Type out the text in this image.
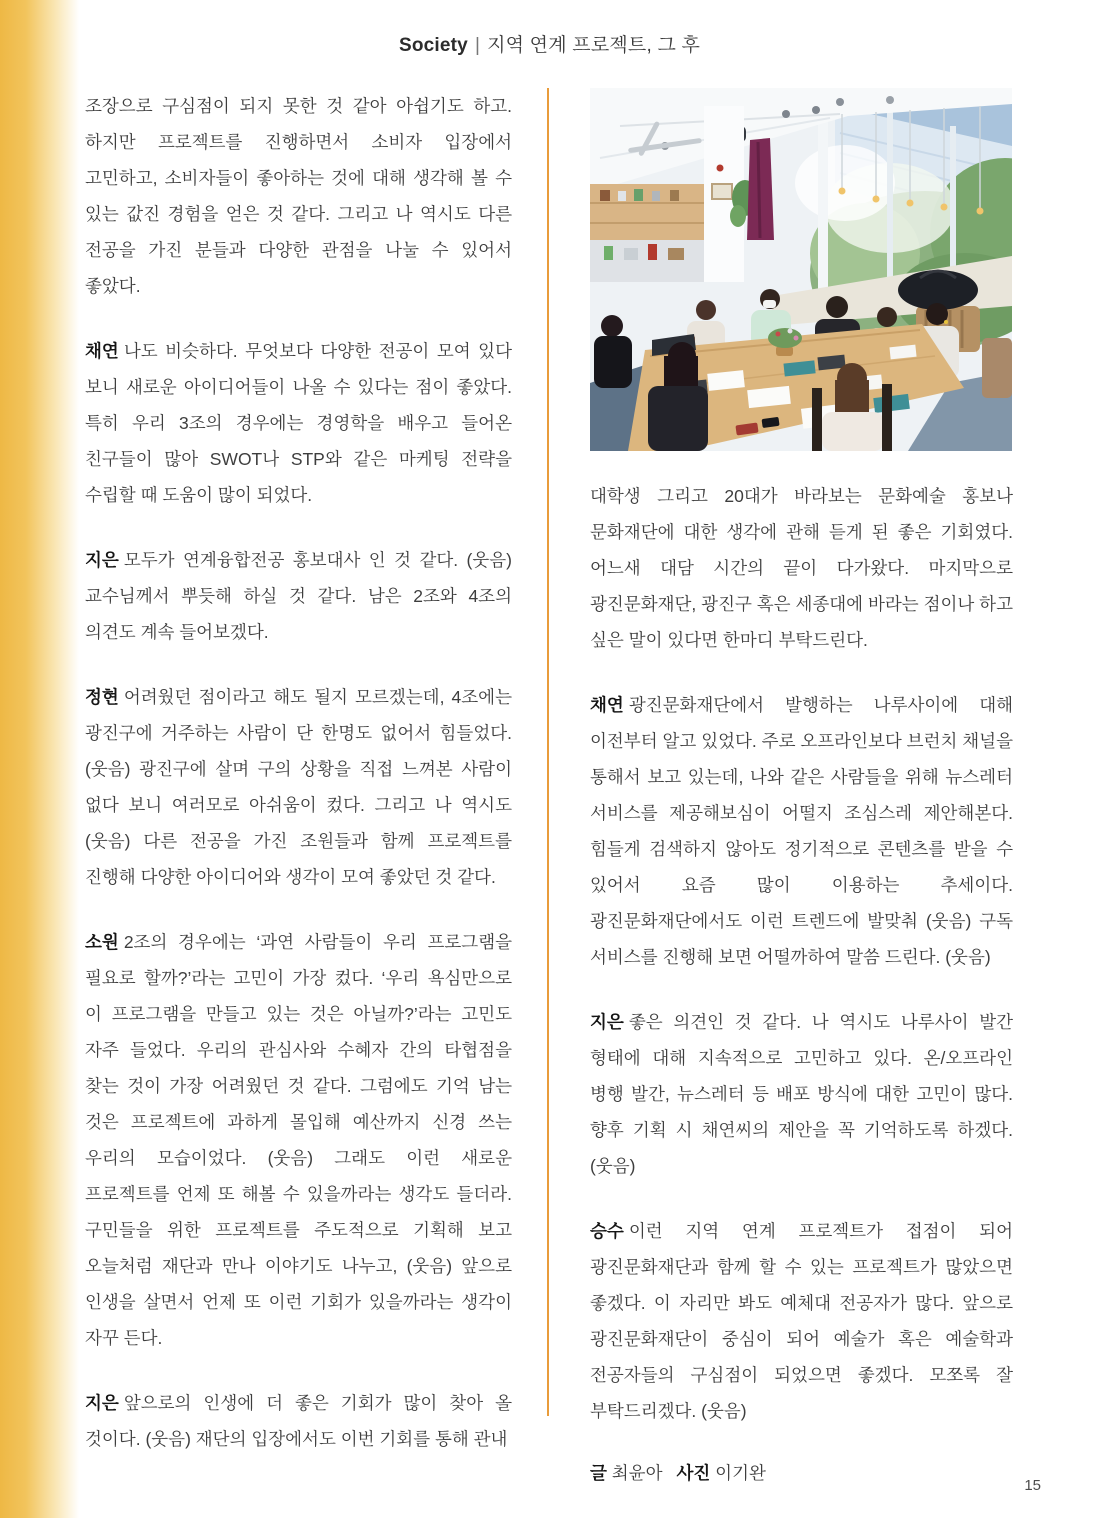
Society | 지역 연계 프로젝트, 그 후

조장으로 구심점이 되지 못한 것 같아 아쉽기도 하고. 하지만 프로젝트를 진행하면서 소비자 입장에서 고민하고, 소비자들이 좋아하는 것에 대해 생각해 볼 수 있는 값진 경험을 얻은 것 같다. 그리고 나 역시도 다른 전공을 가진 분들과 다양한 관점을 나눌 수 있어서 좋았다.

채연 나도 비슷하다. 무엇보다 다양한 전공이 모여 있다 보니 새로운 아이디어들이 나올 수 있다는 점이 좋았다. 특히 우리 3조의 경우에는 경영학을 배우고 들어온 친구들이 많아 SWOT나 STP와 같은 마케팅 전략을 수립할 때 도움이 많이 되었다.

지은 모두가 연계융합전공 홍보대사 인 것 같다. (웃음) 교수님께서 뿌듯해 하실 것 같다. 남은 2조와 4조의 의견도 계속 들어보겠다.

정현 어려웠던 점이라고 해도 될지 모르겠는데, 4조에는 광진구에 거주하는 사람이 단 한명도 없어서 힘들었다. (웃음) 광진구에 살며 구의 상황을 직접 느껴본 사람이 없다 보니 여러모로 아쉬움이 컸다. 그리고 나 역시도 (웃음) 다른 전공을 가진 조원들과 함께 프로젝트를 진행해 다양한 아이디어와 생각이 모여 좋았던 것 같다.

소원 2조의 경우에는 ‘과연 사람들이 우리 프로그램을 필요로 할까?’라는 고민이 가장 컸다. ‘우리 욕심만으로 이 프로그램을 만들고 있는 것은 아닐까?’라는 고민도 자주 들었다. 우리의 관심사와 수혜자 간의 타협점을 찾는 것이 가장 어려웠던 것 같다. 그럼에도 기억 남는 것은 프로젝트에 과하게 몰입해 예산까지 신경 쓰는 우리의 모습이었다. (웃음) 그래도 이런 새로운 프로젝트를 언제 또 해볼 수 있을까라는 생각도 들더라. 구민들을 위한 프로젝트를 주도적으로 기획해 보고 오늘처럼 재단과 만나 이야기도 나누고, (웃음) 앞으로 인생을 살면서 언제 또 이런 기회가 있을까라는 생각이 자꾸 든다.

지은 앞으로의 인생에 더 좋은 기회가 많이 찾아 올 것이다. (웃음) 재단의 입장에서도 이번 기회를 통해 관내

대학생 그리고 20대가 바라보는 문화예술 홍보나 문화재단에 대한 생각에 관해 듣게 된 좋은 기회였다. 어느새 대담 시간의 끝이 다가왔다. 마지막으로 광진문화재단, 광진구 혹은 세종대에 바라는 점이나 하고 싶은 말이 있다면 한마디 부탁드린다.

채연 광진문화재단에서 발행하는 나루사이에 대해 이전부터 알고 있었다. 주로 오프라인보다 브런치 채널을 통해서 보고 있는데, 나와 같은 사람들을 위해 뉴스레터 서비스를 제공해보심이 어떨지 조심스레 제안해본다. 힘들게 검색하지 않아도 정기적으로 콘텐츠를 받을 수 있어서 요즘 많이 이용하는 추세이다. 광진문화재단에서도 이런 트렌드에 발맞춰 (웃음) 구독 서비스를 진행해 보면 어떨까하여 말씀 드린다. (웃음)

지은 좋은 의견인 것 같다. 나 역시도 나루사이 발간 형태에 대해 지속적으로 고민하고 있다. 온/오프라인 병행 발간, 뉴스레터 등 배포 방식에 대한 고민이 많다. 향후 기획 시 채연씨의 제안을 꼭 기억하도록 하겠다. (웃음)

승수 이런 지역 연계 프로젝트가 접점이 되어 광진문화재단과 함께 할 수 있는 프로젝트가 많았으면 좋겠다. 이 자리만 봐도 예체대 전공자가 많다. 앞으로 광진문화재단이 중심이 되어 예술가 혹은 예술학과 전공자들의 구심점이 되었으면 좋겠다. 모쪼록 잘 부탁드리겠다. (웃음)

글 최윤아 사진 이기완

15
